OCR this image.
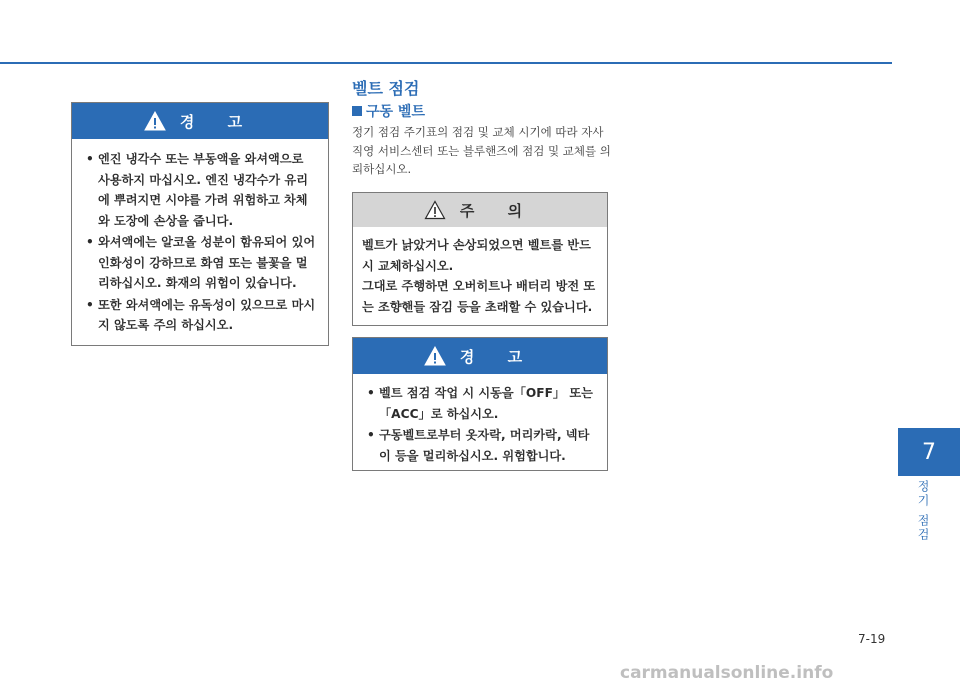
경 고
• 엔진 냉각수 또는 부동액을 와셔액으로 사용하지 마십시오. 엔진 냉각수가 유리에 뿌려지면 시야를 가려 위험하고 차체와 도장에 손상을 줍니다.
• 와셔액에는 알코올 성분이 함유되어 있어 인화성이 강하므로 화염 또는 불꽃을 멀리하십시오. 화재의 위험이 있습니다.
• 또한 와셔액에는 유독성이 있으므로 마시지 않도록 주의 하십시오.
벨트 점검
구동 벨트
정기 점검 주기표의 점검 및 교체 시기에 따라 자사 직영 서비스센터 또는 블루핸즈에 점검 및 교체를 의뢰하십시오.
주 의

벨트가 낡았거나 손상되었으면 벨트를 반드시 교체하십시오.

그대로 주행하면 오버히트나 배터리 방전 또는 조향핸들 잠김 등을 초래할 수 있습니다.

경 고
• 벨트 점검 작업 시 시동을「OFF」 또는「ACC」로 하십시오.
• 구동벨트로부터 옷자락, 머리카락, 넥타이 등을 멀리하십시오. 위험합니다.	7
정기 점검
7-19
carmanualsonline.info
